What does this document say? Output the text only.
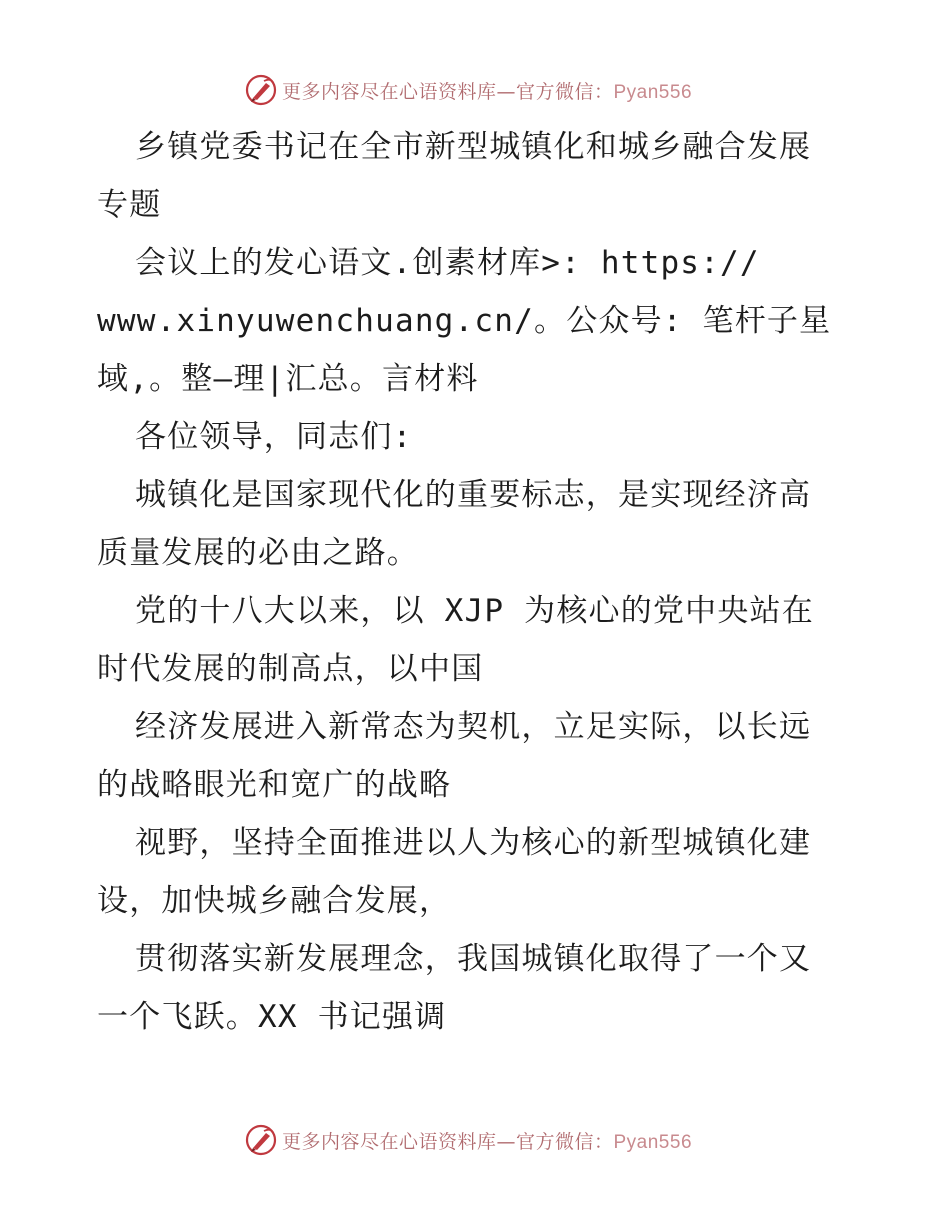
更多内容尽在心语资料库—官方微信：Pyan556
乡镇党委书记在全市新型城镇化和城乡融合发展
专题
会议上的发心语文.创素材库>: https://
www.xinyuwenchuang.cn/。公众号: 笔杆子星
域,。整—理|汇总。言材料
各位领导，同志们:
城镇化是国家现代化的重要标志，是实现经济高
质量发展的必由之路。
党的十八大以来，以 XJP 为核心的党中央站在
时代发展的制高点，以中国
经济发展进入新常态为契机，立足实际，以长远
的战略眼光和宽广的战略
视野，坚持全面推进以人为核心的新型城镇化建
设，加快城乡融合发展，
贯彻落实新发展理念，我国城镇化取得了一个又
一个飞跃。XX 书记强调
更多内容尽在心语资料库—官方微信：Pyan556
